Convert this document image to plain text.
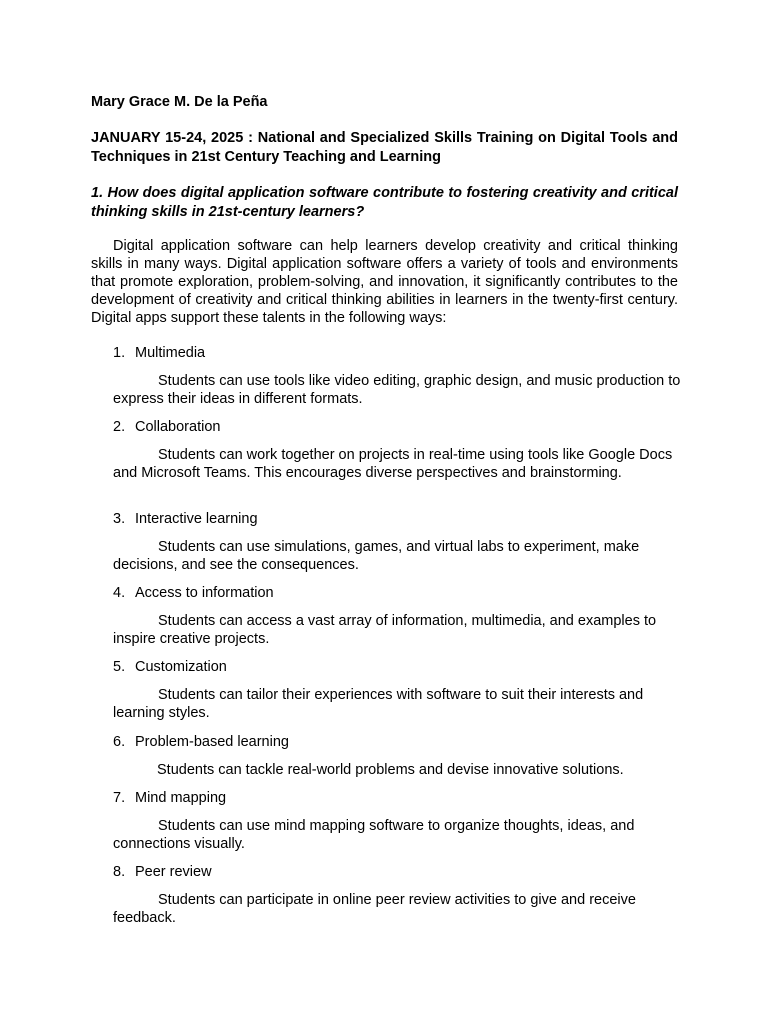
Mary Grace M. De la Peña
JANUARY 15-24, 2025 : National and Specialized Skills Training on Digital Tools and Techniques in 21st Century Teaching and Learning
1. How does digital application software contribute to fostering creativity and critical thinking skills in 21st-century learners?
Digital application software can help learners develop creativity and critical thinking skills in many ways. Digital application software offers a variety of tools and environments that promote exploration, problem-solving, and innovation, it significantly contributes to the development of creativity and critical thinking abilities in learners in the twenty-first century. Digital apps support these talents in the following ways:
1. Multimedia
Students can use tools like video editing, graphic design, and music production to express their ideas in different formats.
2. Collaboration
Students can work together on projects in real-time using tools like Google Docs and Microsoft Teams. This encourages diverse perspectives and brainstorming.
3. Interactive learning
Students can use simulations, games, and virtual labs to experiment, make decisions, and see the consequences.
4. Access to information
Students can access a vast array of information, multimedia, and examples to inspire creative projects.
5. Customization
Students can tailor their experiences with software to suit their interests and learning styles.
6. Problem-based learning
Students can tackle real-world problems and devise innovative solutions.
7. Mind mapping
Students can use mind mapping software to organize thoughts, ideas, and connections visually.
8. Peer review
Students can participate in online peer review activities to give and receive feedback.
